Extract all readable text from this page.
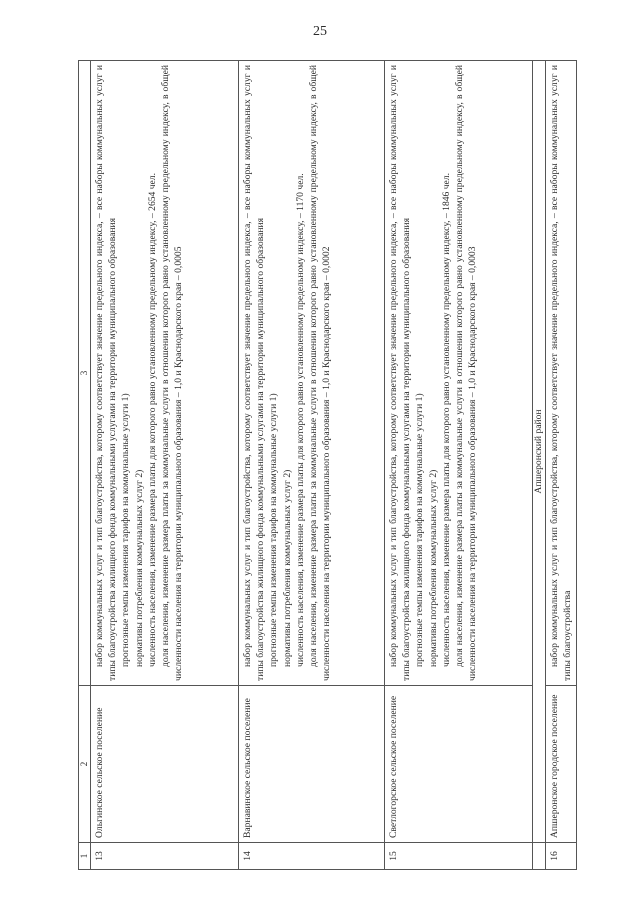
25
1	2	3
13	Ольгинское сельское поселение	набор коммунальных услуг и тип благоустройства, которому соответствует значение предельного индекса, – все наборы коммунальных услуг и типы благоустройства жилищного фонда коммунальными услугами на территории муниципального образования прогнозные темпы изменения тарифов на коммунальные услуги 1) нормативы потребления коммунальных услуг 2) численность населения, изменение размера платы для которого равно установленному предельному индексу, – 2654 чел. доля населения, изменение размера платы за коммунальные услуги в отношении которого равно установленному предельному индексу, в общей численности населения на территории муниципального образования – 1,0 и Краснодарского края – 0,0005

14	Варнавинское сельское поселение	набор коммунальных услуг и тип благоустройства, которому соответствует значение предельного индекса, – все наборы коммунальных услуг и типы благоустройства жилищного фонда коммунальными услугами на территории муниципального образования прогнозные темпы изменения тарифов на коммунальные услуги 1) нормативы потребления коммунальных услуг 2) численность населения, изменение размера платы для которого равно установленному предельному индексу, – 1170 чел. доля населения, изменение размера платы за коммунальные услуги в отношении которого равно установленному предельному индексу, в общей численности населения на территории муниципального образования – 1,0 и Краснодарского края – 0,0002

15	Светлогорское сельское поселение	набор коммунальных услуг и тип благоустройства, которому соответствует значение предельного индекса, – все наборы коммунальных услуг и типы благоустройства жилищного фонда коммунальными услугами на территории муниципального образования прогнозные темпы изменения тарифов на коммунальные услуги 1) нормативы потребления коммунальных услуг 2) численность населения, изменение размера платы для которого равно установленному предельному индексу, – 1846 чел. доля населения, изменение размера платы за коммунальные услуги в отношении которого равно установленному предельному индексу, в общей численности населения на территории муниципального образования – 1,0 и Краснодарского края – 0,0003

	Апшеронский район	
16	Апшеронское городское поселение	набор коммунальных услуг и тип благоустройства, которому соответствует значение предельного индекса, – все наборы коммунальных услуг и типы благоустройства
